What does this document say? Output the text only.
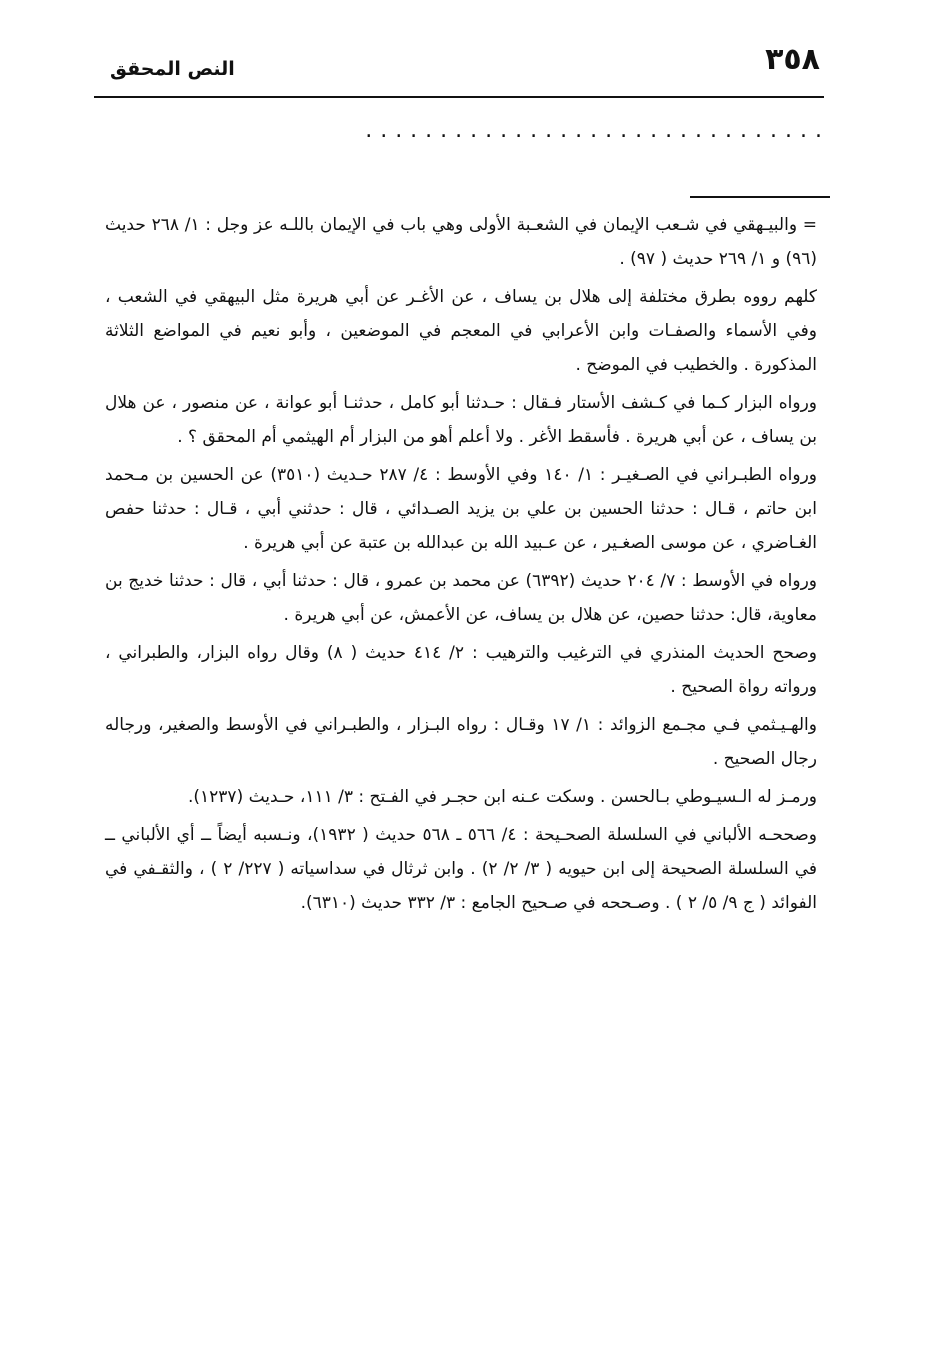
٣٥٨
النص المحقق
...............................

= والبيـهقي في شـعب الإيمان في الشعـبة الأولى وهي باب في الإيمان باللـه عز وجل : ١/ ٢٦٨ حديث (٩٦) و ١/ ٢٦٩ حديث ( ٩٧) .

كلهم رووه بطرق مختلفة إلى هلال بن يساف ، عن الأغـر عن أبي هريرة مثل البيهقي في الشعب ، وفي الأسماء والصفـات وابن الأعرابي في المعجم في الموضعين ، وأبو نعيم في المواضع الثلاثة المذكورة . والخطيب في الموضح .

ورواه البزار كـما في كـشف الأستار فـقال : حـدثنا أبو كامل ، حدثنـا أبو عوانة ، عن منصور ، عن هلال بن يساف ، عن أبي هريرة . فأسقط الأغر . ولا أعلم أهو من البزار أم الهيثمي أم المحقق ؟ .

ورواه الطبـراني في الصـغيـر : ١/ ١٤٠ وفي الأوسط : ٤/ ٢٨٧ حـديث (٣٥١٠) عن الحسين بن مـحمد ابن حاتم ، قـال : حدثنا الحسين بن علي بن يزيد الصـدائي ، قال : حدثني أبي ، قـال : حدثنا حفص الغـاضري ، عن موسى الصغـير ، عن عـبيد الله بن عبدالله بن عتبة عن أبي هريرة .

ورواه في الأوسط : ٧/ ٢٠٤ حديث (٦٣٩٢) عن محمد بن عمرو ، قال : حدثنا أبي ، قال : حدثنا خديج بن معاوية، قال: حدثنا حصين، عن هلال بن يساف، عن الأعمش، عن أبي هريرة .

وصحح الحديث المنذري في الترغيب والترهيب : ٢/ ٤١٤ حديث ( ٨) وقال رواه البزار، والطبراني ، ورواته رواة الصحيح .

والهـيـثمي فـي مجـمع الزوائد : ١/ ١٧ وقـال : رواه البـزار ، والطبـراني في الأوسط والصغير، ورجاله رجال الصحيح .

ورمـز له الـسيـوطي بـالحسن . وسكت عـنه ابن حجـر في الفـتح : ٣/ ١١١، حـديث (١٢٣٧).

وصححـه الألباني في السلسلة الصحـيحة : ٤/ ٥٦٦ ـ ٥٦٨ حديث ( ١٩٣٢)، ونـسبه أيضاً ــ أي الألباني ــ في السلسلة الصحيحة إلى ابن حيويه ( ٣/ ٢/ ٢) . وابن ثرثال في سداسياته ( ٢٢٧/ ٢ ) ، والثقـفي في الفوائد ( ج ٩/ ٥/ ٢ ) . وصـححه في صـحيح الجامع : ٣/ ٣٣٢ حديث (٦٣١٠).
